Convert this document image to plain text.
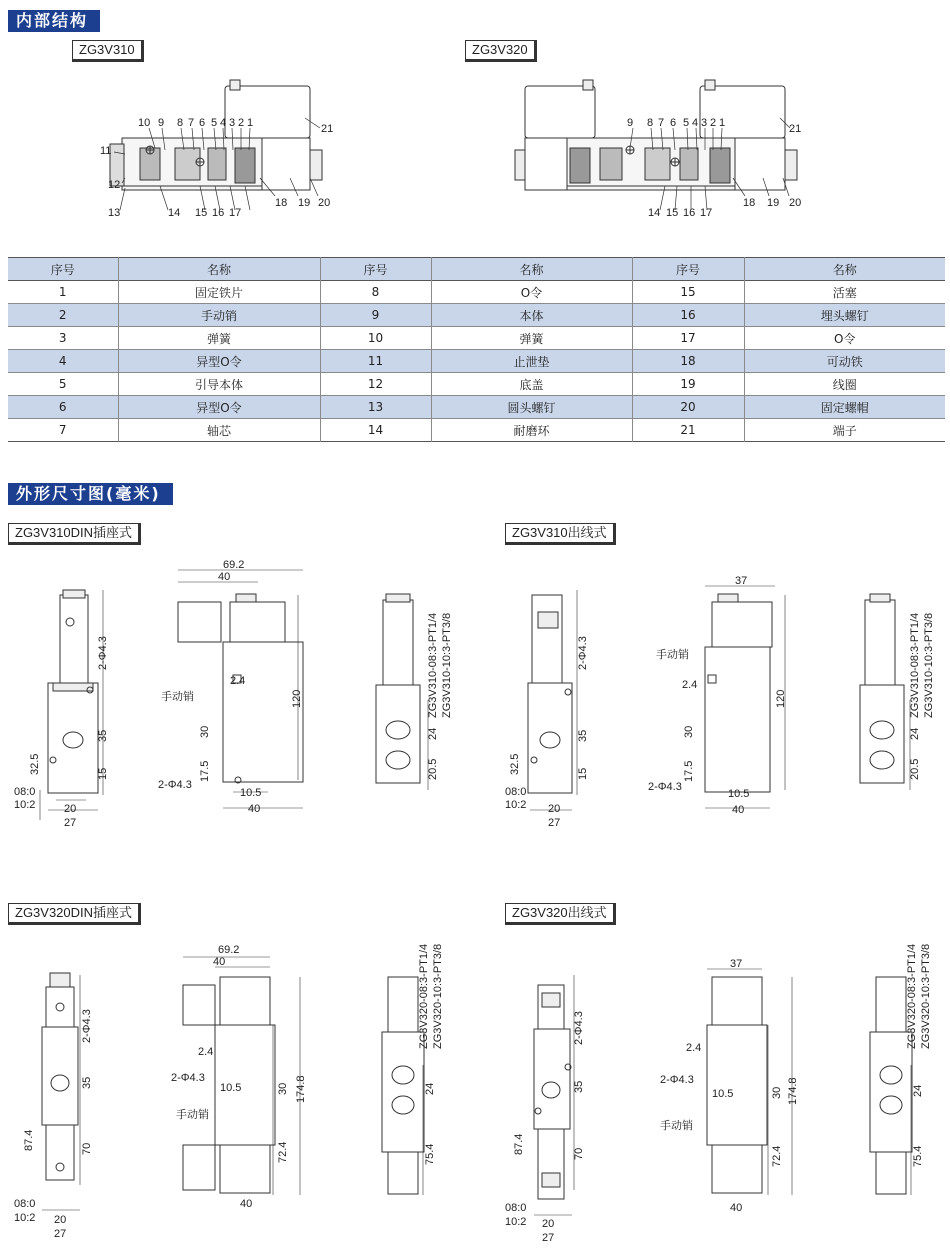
内部结构
ZG3V310	ZG3V320
10 9 8 7 6 5 4 3 2 1
11
12
13	14 15 16 17
18 19 20
21	9 8 7 6 5 4 3 2 1
14 15 16 17
18 19 20
21
序号	名称	序号	名称	序号	名称
1	固定铁片	8	O令	15	活塞
2	手动销	9	本体	16	埋头螺钉
3	弹簧	10	弹簧	17	O令
4	异型O令	11	止泄垫	18	可动铁
5	引导本体	12	底盖	19	线圈
6	异型O令	13	圆头螺钉	20	固定螺帽
7	轴芯	14	耐磨环	21	端子
外形尺寸图(毫米)
ZG3V310DIN插座式	ZG3V310出线式
ZG3V320DIN插座式	ZG3V320出线式
2-Φ4.3
35
32.5	15
08:0
10:2	20
27
69.2
40
2.4
手动销	120
30
17.5
2-Φ4.3
10.5
40
ZG3V310-08:3-PT1/4 ZG3V310-10:3-PT3/8
24
20.5
2-Φ4.3
35
32.5	15
08:0
10:2 20
27
37
手动销
2.4
120
30
17.5
2-Φ4.3
10.5
40
ZG3V310-08:3-PT1/4 ZG3V310-10:3-PT3/8
24
20.5
2-Φ4.3
35
87.4	70
08:0
10:2 20
27
69.2
40
2.4
2-Φ4.3
10.5
手动销
30 174.8
72.4
40
ZG3V320-08:3-PT1/4 ZG3V320-10:3-PT3/8
24
75.4
2-Φ4.3
35
87.4	70
08:0
10:2 20
27
37
2.4
2-Φ4.3
10.5
手动销
30 174.8
72.4
40
ZG3V320-08:3-PT1/4 ZG3V320-10:3-PT3/8
24
75.4
